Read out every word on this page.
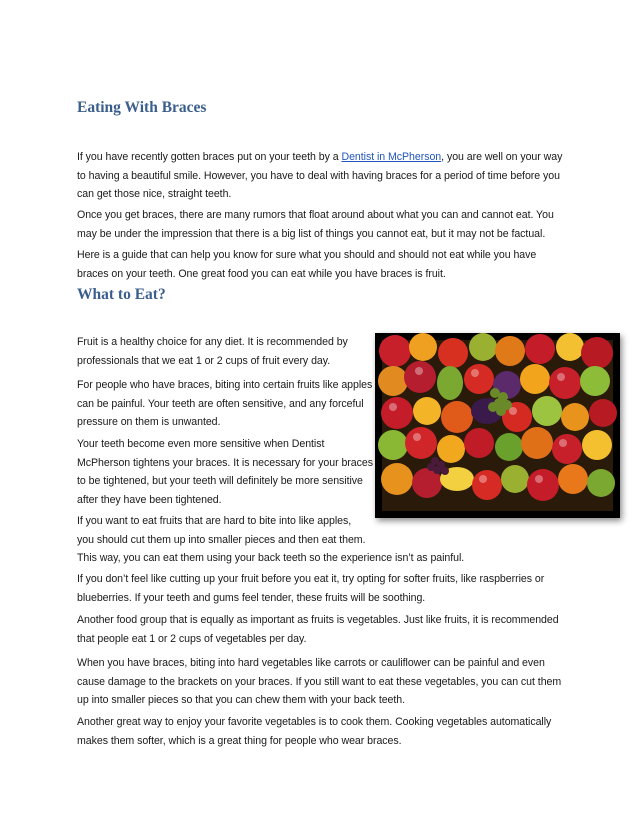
Eating With Braces

If you have recently gotten braces put on your teeth by a Dentist in McPherson, you are well on your way to having a beautiful smile. However, you have to deal with having braces for a period of time before you can get those nice, straight teeth.

Once you get braces, there are many rumors that float around about what you can and cannot eat. You may be under the impression that there is a big list of things you cannot eat, but it may not be factual.

Here is a guide that can help you know for sure what you should and should not eat while you have braces on your teeth. One great food you can eat while you have braces is fruit.

What to Eat?

Fruit is a healthy choice for any diet. It is recommended by professionals that we eat 1 or 2 cups of fruit every day.

For people who have braces, biting into certain fruits like apples can be painful. Your teeth are often sensitive, and any forceful pressure on them is unwanted.

Your teeth become even more sensitive when Dentist McPherson tightens your braces. It is necessary for your braces to be tightened, but your teeth will definitely be more sensitive after they have been tightened.

If you want to eat fruits that are hard to bite into like apples,
you should cut them up into smaller pieces and then eat them.
This way, you can eat them using your back teeth so the experience isn’t as painful.

If you don’t feel like cutting up your fruit before you eat it, try opting for softer fruits, like raspberries or blueberries. If your teeth and gums feel tender, these fruits will be soothing.

Another food group that is equally as important as fruits is vegetables. Just like fruits, it is recommended that people eat 1 or 2 cups of vegetables per day.

When you have braces, biting into hard vegetables like carrots or cauliflower can be painful and even cause damage to the brackets on your braces. If you still want to eat these vegetables, you can cut them up into smaller pieces so that you can chew them with your back teeth.

Another great way to enjoy your favorite vegetables is to cook them. Cooking vegetables automatically makes them softer, which is a great thing for people who wear braces.
